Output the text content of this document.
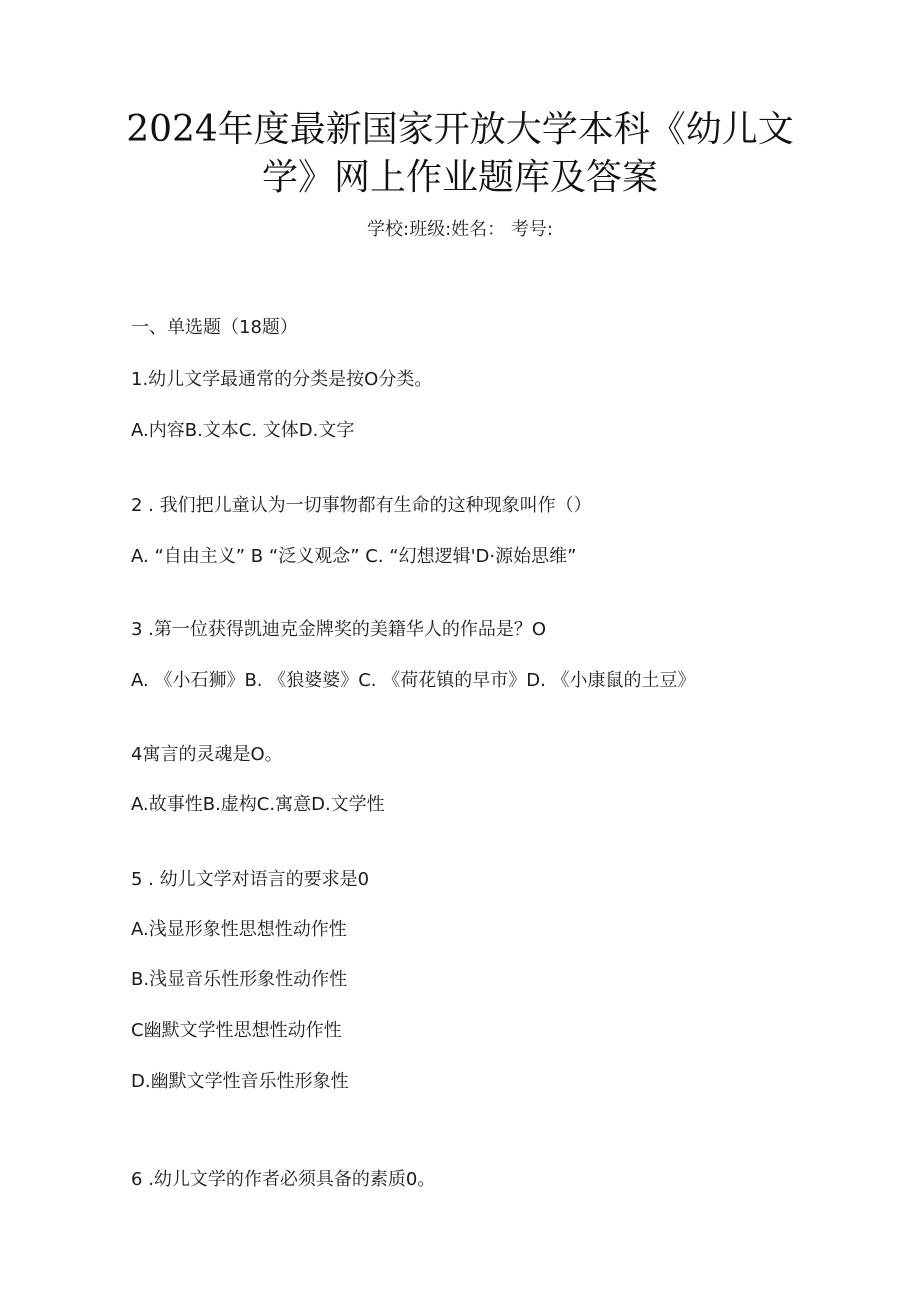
2024年度最新国家开放大学本科《幼儿文
学》网上作业题库及答案
学校:班级:姓名： 考号:
一、单选题（18题）
1.幼儿文学最通常的分类是按O分类。
A.内容B.文本C. 文体D.文字
2 . 我们把儿童认为一切事物都有生命的这种现象叫作（）
A. “自由主义” B “泛义观念” C. “幻想逻辑'D·源始思维”
3 .第一位获得凯迪克金牌奖的美籍华人的作品是？O
A. 《小石狮》B. 《狼婆婆》C. 《荷花镇的早市》D. 《小康鼠的土豆》
4寓言的灵魂是O。
A.故事性B.虚构C.寓意D.文学性
5 . 幼儿文学对语言的要求是0
A.浅显形象性思想性动作性
B.浅显音乐性形象性动作性
C幽默文学性思想性动作性
D.幽默文学性音乐性形象性
6 .幼儿文学的作者必须具备的素质0。
